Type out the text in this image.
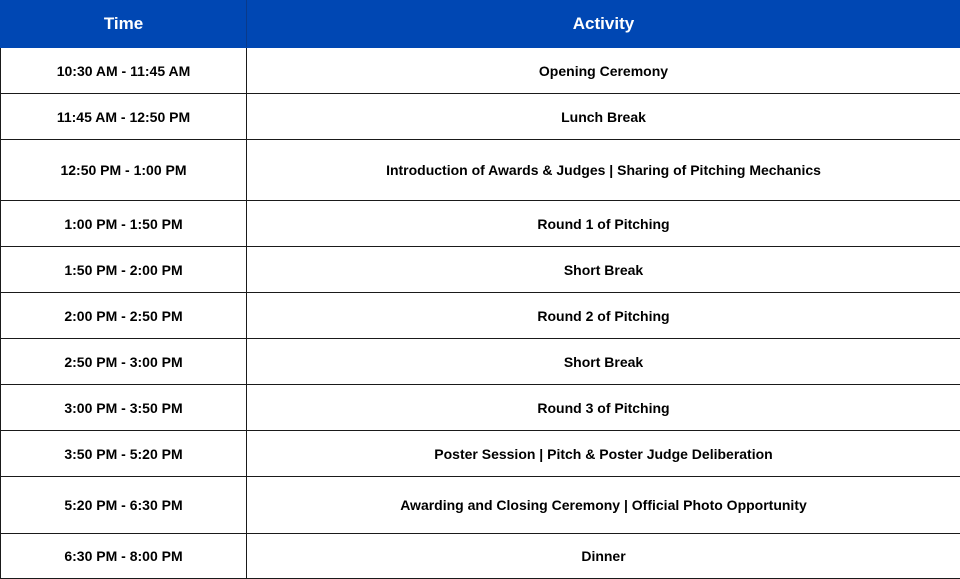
Time	Activity
10:30 AM - 11:45 AM	Opening Ceremony
11:45 AM - 12:50 PM	Lunch Break
12:50 PM - 1:00 PM	Introduction of Awards & Judges | Sharing of Pitching Mechanics
1:00 PM - 1:50 PM	Round 1 of Pitching
1:50 PM - 2:00 PM	Short Break
2:00 PM - 2:50 PM	Round 2 of Pitching
2:50 PM - 3:00 PM	Short Break
3:00 PM - 3:50 PM	Round 3 of Pitching
3:50 PM - 5:20 PM	Poster Session | Pitch & Poster Judge Deliberation
5:20 PM - 6:30 PM	Awarding and Closing Ceremony | Official Photo Opportunity
6:30 PM - 8:00 PM	Dinner
